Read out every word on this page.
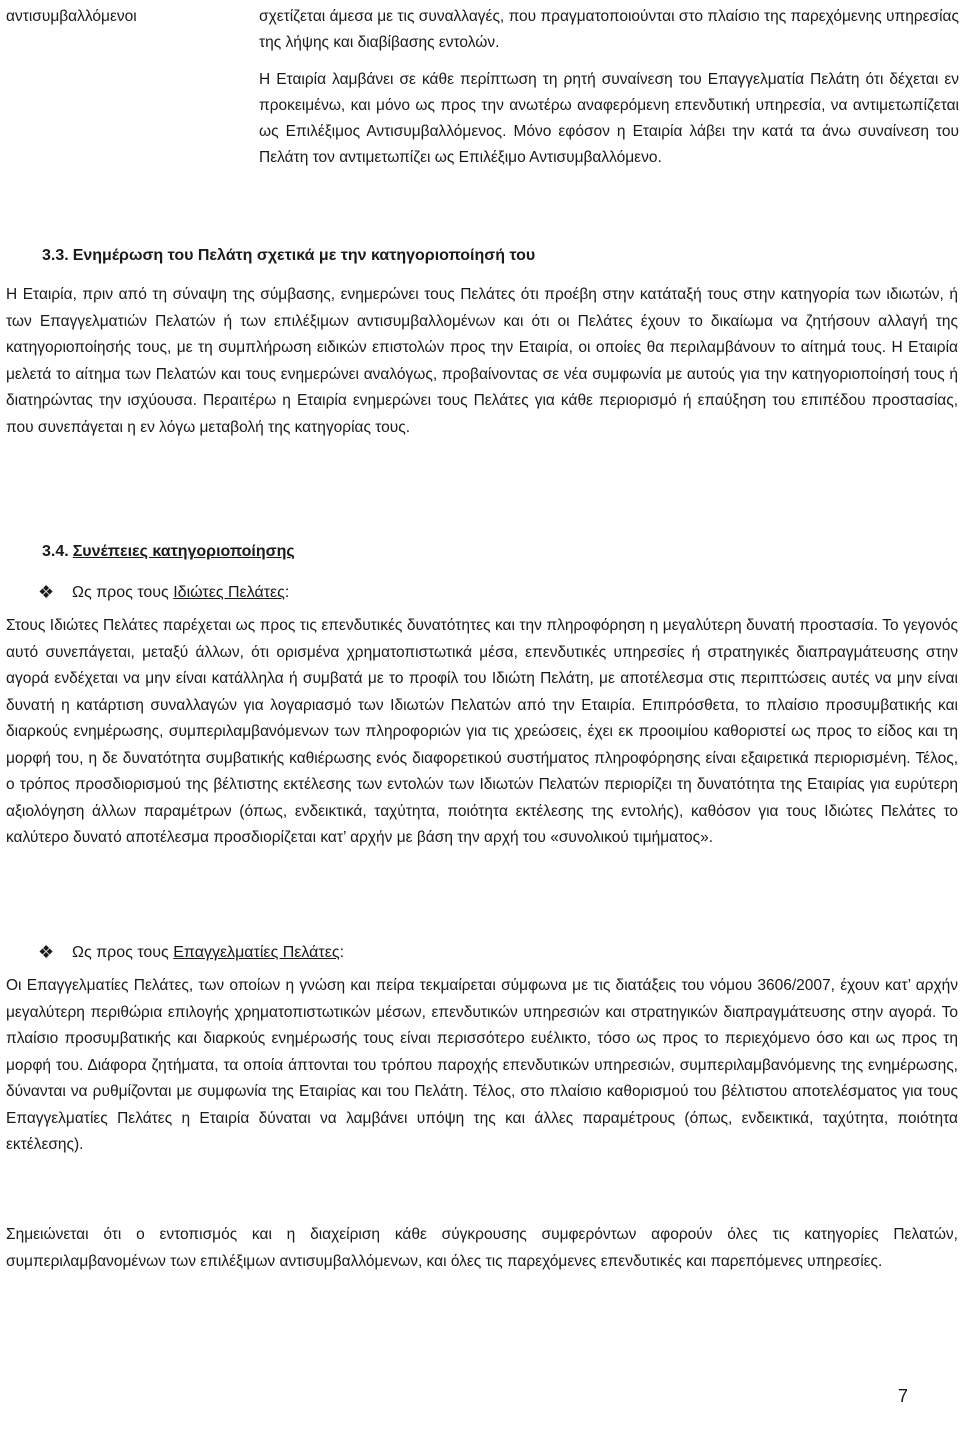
αντισυμβαλλόμενοι	σχετίζεται άμεσα με τις συναλλαγές, που πραγματοποιούνται στο πλαίσιο της παρεχόμενης υπηρεσίας της λήψης και διαβίβασης εντολών.

Η Εταιρία λαμβάνει σε κάθε περίπτωση τη ρητή συναίνεση του Επαγγελματία Πελάτη ότι δέχεται εν προκειμένω, και μόνο ως προς την ανωτέρω αναφερόμενη επενδυτική υπηρεσία, να αντιμετωπίζεται ως Επιλέξιμος Αντισυμβαλλόμενος. Μόνο εφόσον η Εταιρία λάβει την κατά τα άνω συναίνεση του Πελάτη τον αντιμετωπίζει ως Επιλέξιμο Αντισυμβαλλόμενο.

3.3. Ενημέρωση του Πελάτη σχετικά με την κατηγοριοποίησή του

Η Εταιρία, πριν από τη σύναψη της σύμβασης, ενημερώνει τους Πελάτες ότι προέβη στην κατάταξή τους στην κατηγορία των ιδιωτών, ή των Επαγγελματιών Πελατών ή των επιλέξιμων αντισυμβαλλομένων και ότι οι Πελάτες έχουν το δικαίωμα να ζητήσουν αλλαγή της κατηγοριοποίησής τους, με τη συμπλήρωση ειδικών επιστολών προς την Εταιρία, οι οποίες θα περιλαμβάνουν το αίτημά τους. Η Εταιρία μελετά το αίτημα των Πελατών και τους ενημερώνει αναλόγως, προβαίνοντας σε νέα συμφωνία με αυτούς για την κατηγοριοποίησή τους ή διατηρώντας την ισχύουσα. Περαιτέρω η Εταιρία ενημερώνει τους Πελάτες για κάθε περιορισμό ή επαύξηση του επιπέδου προστασίας, που συνεπάγεται η εν λόγω μεταβολή της κατηγορίας τους.

3.4. Συνέπειες κατηγοριοποίησης
❖ Ως προς τους Ιδιώτες Πελάτες:

Στους Ιδιώτες Πελάτες παρέχεται ως προς τις επενδυτικές δυνατότητες και την πληροφόρηση η μεγαλύτερη δυνατή προστασία. Το γεγονός αυτό συνεπάγεται, μεταξύ άλλων, ότι ορισμένα χρηματοπιστωτικά μέσα, επενδυτικές υπηρεσίες ή στρατηγικές διαπραγμάτευσης στην αγορά ενδέχεται να μην είναι κατάλληλα ή συμβατά με το προφίλ του Ιδιώτη Πελάτη, με αποτέλεσμα στις περιπτώσεις αυτές να μην είναι δυνατή η κατάρτιση συναλλαγών για λογαριασμό των Ιδιωτών Πελατών από την Εταιρία. Επιπρόσθετα, το πλαίσιο προσυμβατικής και διαρκούς ενημέρωσης, συμπεριλαμβανόμενων των πληροφοριών για τις χρεώσεις, έχει εκ προοιμίου καθοριστεί ως προς το είδος και τη μορφή του, η δε δυνατότητα συμβατικής καθιέρωσης ενός διαφορετικού συστήματος πληροφόρησης είναι εξαιρετικά περιορισμένη. Τέλος, ο τρόπος προσδιορισμού της βέλτιστης εκτέλεσης των εντολών των Ιδιωτών Πελατών περιορίζει τη δυνατότητα της Εταιρίας για ευρύτερη αξιολόγηση άλλων παραμέτρων (όπως, ενδεικτικά, ταχύτητα, ποιότητα εκτέλεσης της εντολής), καθόσον για τους Ιδιώτες Πελάτες το καλύτερο δυνατό αποτέλεσμα προσδιορίζεται κατ’ αρχήν με βάση την αρχή του «συνολικού τιμήματος».

❖ Ως προς τους Επαγγελματίες Πελάτες:

Οι Επαγγελματίες Πελάτες, των οποίων η γνώση και πείρα τεκμαίρεται σύμφωνα με τις διατάξεις του νόμου 3606/2007, έχουν κατ’ αρχήν μεγαλύτερη περιθώρια επιλογής χρηματοπιστωτικών μέσων, επενδυτικών υπηρεσιών και στρατηγικών διαπραγμάτευσης στην αγορά. Το πλαίσιο προσυμβατικής και διαρκούς ενημέρωσής τους είναι περισσότερο ευέλικτο, τόσο ως προς το περιεχόμενο όσο και ως προς τη μορφή του. Διάφορα ζητήματα, τα οποία άπτονται του τρόπου παροχής επενδυτικών υπηρεσιών, συμπεριλαμβανόμενης της ενημέρωσης, δύνανται να ρυθμίζονται με συμφωνία της Εταιρίας και του Πελάτη. Τέλος, στο πλαίσιο καθορισμού του βέλτιστου αποτελέσματος για τους Επαγγελματίες Πελάτες η Εταιρία δύναται να λαμβάνει υπόψη της και άλλες παραμέτρους (όπως, ενδεικτικά, ταχύτητα, ποιότητα εκτέλεσης).

Σημειώνεται ότι ο εντοπισμός και η διαχείριση κάθε σύγκρουσης συμφερόντων αφορούν όλες τις κατηγορίες Πελατών, συμπεριλαμβανομένων των επιλέξιμων αντισυμβαλλόμενων, και όλες τις παρεχόμενες επενδυτικές και παρεπόμενες υπηρεσίες.

7
